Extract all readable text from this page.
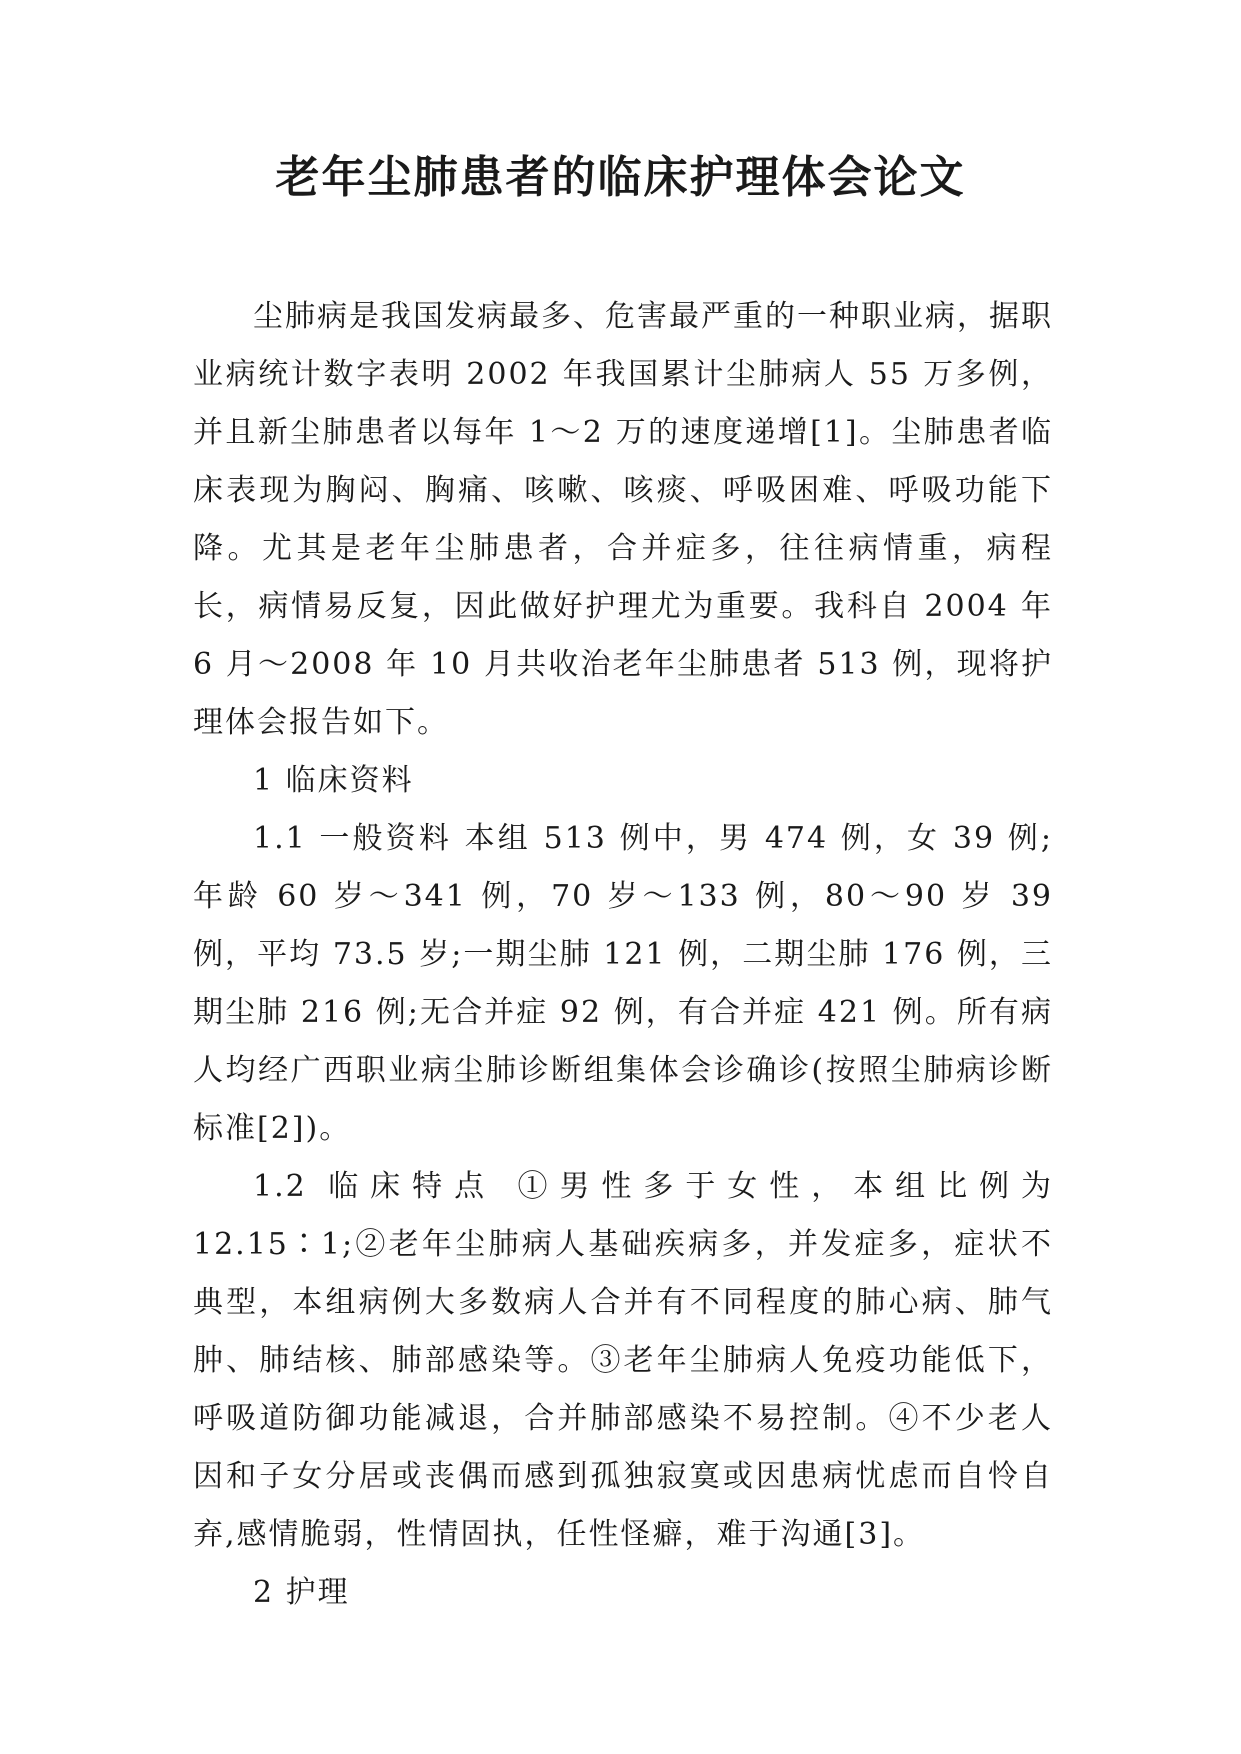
老年尘肺患者的临床护理体会论文

尘肺病是我国发病最多、危害最严重的一种职业病，据职业病统计数字表明 2002 年我国累计尘肺病人 55 万多例，并且新尘肺患者以每年 1～2 万的速度递增[1]。尘肺患者临床表现为胸闷、胸痛、咳嗽、咳痰、呼吸困难、呼吸功能下降。尤其是老年尘肺患者，合并症多，往往病情重，病程长，病情易反复，因此做好护理尤为重要。我科自 2004 年 6 月～2008 年 10 月共收治老年尘肺患者 513 例，现将护理体会报告如下。

1 临床资料

1.1 一般资料 本组 513 例中，男 474 例，女 39 例;年龄 60 岁～341 例，70 岁～133 例，80～90 岁 39 例，平均 73.5 岁;一期尘肺 121 例，二期尘肺 176 例，三期尘肺 216 例;无合并症 92 例，有合并症 421 例。所有病人均经广西职业病尘肺诊断组集体会诊确诊(按照尘肺病诊断标准[2])。

1.2 临床特点 ①男性多于女性，本组比例为 12.15∶1;②老年尘肺病人基础疾病多，并发症多，症状不典型，本组病例大多数病人合并有不同程度的肺心病、肺气肿、肺结核、肺部感染等。③老年尘肺病人免疫功能低下，呼吸道防御功能减退，合并肺部感染不易控制。④不少老人因和子女分居或丧偶而感到孤独寂寞或因患病忧虑而自怜自弃,感情脆弱，性情固执，任性怪癖，难于沟通[3]。

2 护理
